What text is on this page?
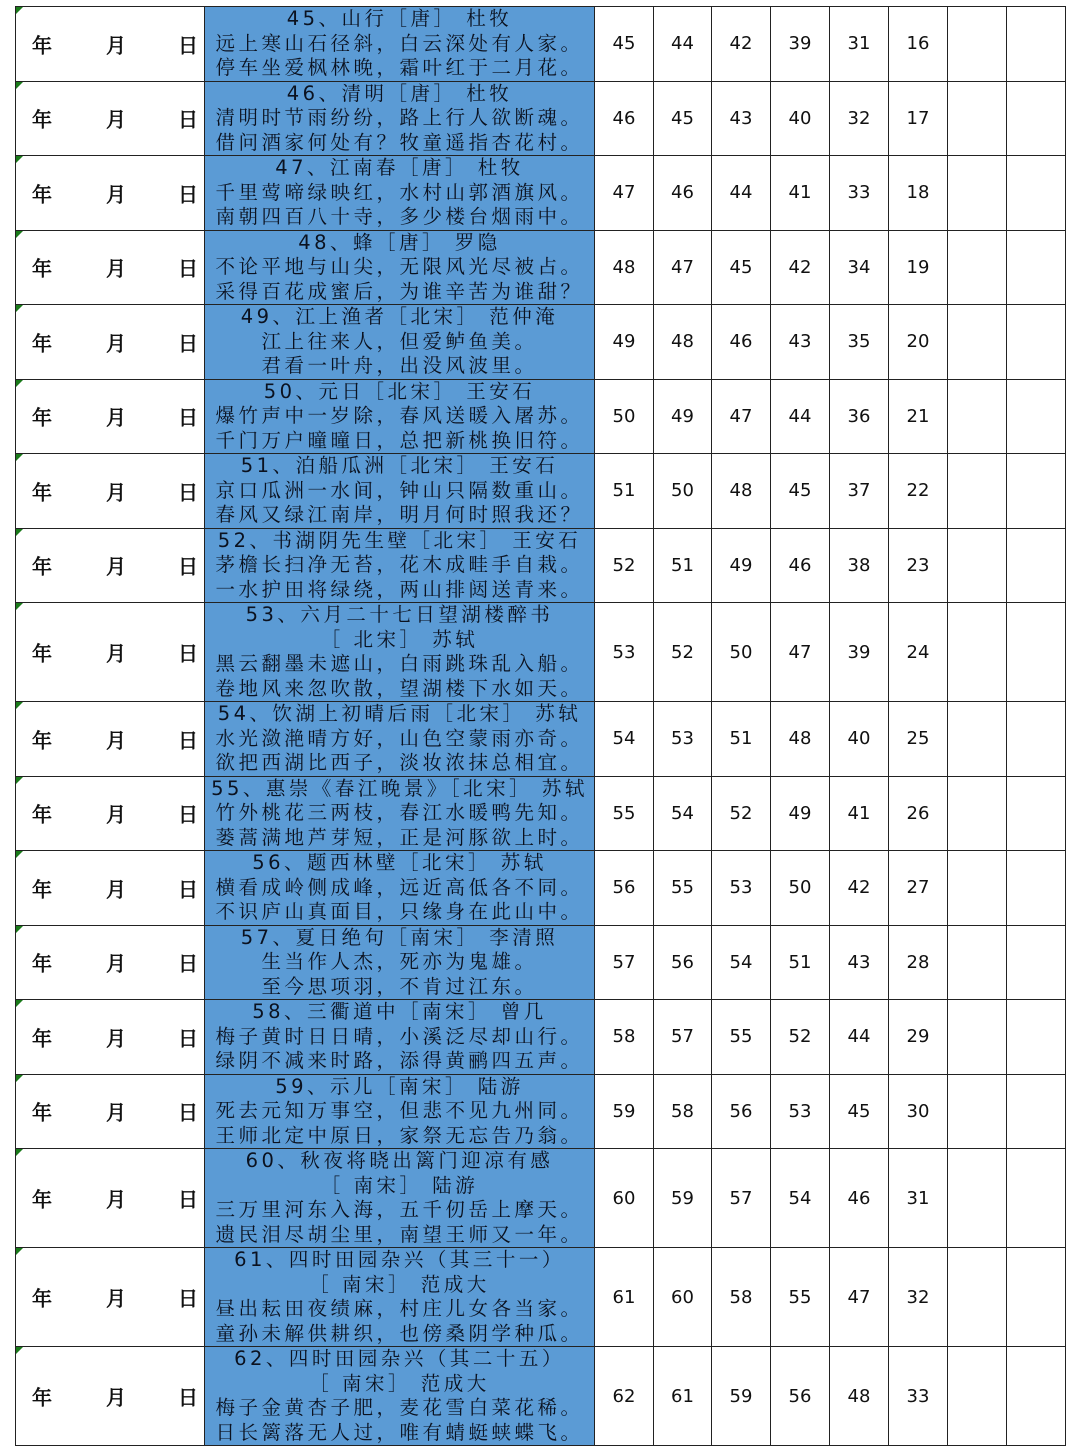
年 月 日	45、山行［唐］ 杜牧
远上寒山石径斜，白云深处有人家。
停车坐爱枫林晚，霜叶红于二月花。	45	44	42	39	31	16		

年 月 日	46、清明［唐］ 杜牧
清明时节雨纷纷，路上行人欲断魂。
借问酒家何处有？牧童遥指杏花村。	46	45	43	40	32	17		

年 月 日	47、江南春［唐］ 杜牧
千里莺啼绿映红，水村山郭酒旗风。
南朝四百八十寺，多少楼台烟雨中。	47	46	44	41	33	18		

年 月 日	48、蜂［唐］ 罗隐
不论平地与山尖，无限风光尽被占。
采得百花成蜜后，为谁辛苦为谁甜？	48	47	45	42	34	19		

年 月 日	49、江上渔者［北宋］ 范仲淹
江上往来人，但爱鲈鱼美。
君看一叶舟，出没风波里。	49	48	46	43	35	20		

年 月 日	50、元日［北宋］ 王安石
爆竹声中一岁除，春风送暖入屠苏。
千门万户曈曈日，总把新桃换旧符。	50	49	47	44	36	21		

年 月 日	51、泊船瓜洲［北宋］ 王安石
京口瓜洲一水间，钟山只隔数重山。
春风又绿江南岸，明月何时照我还？	51	50	48	45	37	22		

年 月 日	52、书湖阴先生壁［北宋］ 王安石
茅檐长扫净无苔，花木成畦手自栽。
一水护田将绿绕，两山排闼送青来。	52	51	49	46	38	23		

年 月 日	53、六月二十七日望湖楼醉书
［ 北宋］ 苏轼
黑云翻墨未遮山，白雨跳珠乱入船。
卷地风来忽吹散，望湖楼下水如天。	53	52	50	47	39	24		

年 月 日	54、饮湖上初晴后雨［北宋］ 苏轼
水光潋滟晴方好，山色空蒙雨亦奇。
欲把西湖比西子，淡妆浓抹总相宜。	54	53	51	48	40	25		

年 月 日	55、惠崇《春江晚景》［北宋］ 苏轼
竹外桃花三两枝，春江水暖鸭先知。
蒌蒿满地芦芽短，正是河豚欲上时。	55	54	52	49	41	26		

年 月 日	56、题西林壁［北宋］ 苏轼
横看成岭侧成峰，远近高低各不同。
不识庐山真面目，只缘身在此山中。	56	55	53	50	42	27		

年 月 日	57、夏日绝句［南宋］ 李清照
生当作人杰，死亦为鬼雄。
至今思项羽，不肯过江东。	57	56	54	51	43	28		

年 月 日	58、三衢道中［南宋］ 曾几
梅子黄时日日晴，小溪泛尽却山行。
绿阴不减来时路，添得黄鹂四五声。	58	57	55	52	44	29		

年 月 日	59、示儿［南宋］ 陆游
死去元知万事空，但悲不见九州同。
王师北定中原日，家祭无忘告乃翁。	59	58	56	53	45	30		

年 月 日	60、秋夜将晓出篱门迎凉有感
［ 南宋］ 陆游
三万里河东入海，五千仞岳上摩天。
遗民泪尽胡尘里，南望王师又一年。	60	59	57	54	46	31		

年 月 日	61、四时田园杂兴（其三十一）
［ 南宋］ 范成大
昼出耘田夜绩麻，村庄儿女各当家。
童孙未解供耕织，也傍桑阴学种瓜。	61	60	58	55	47	32		

年 月 日	62、四时田园杂兴（其二十五）
［ 南宋］ 范成大
梅子金黄杏子肥，麦花雪白菜花稀。
日长篱落无人过，唯有蜻蜓蛱蝶飞。	62	61	59	56	48	33		
